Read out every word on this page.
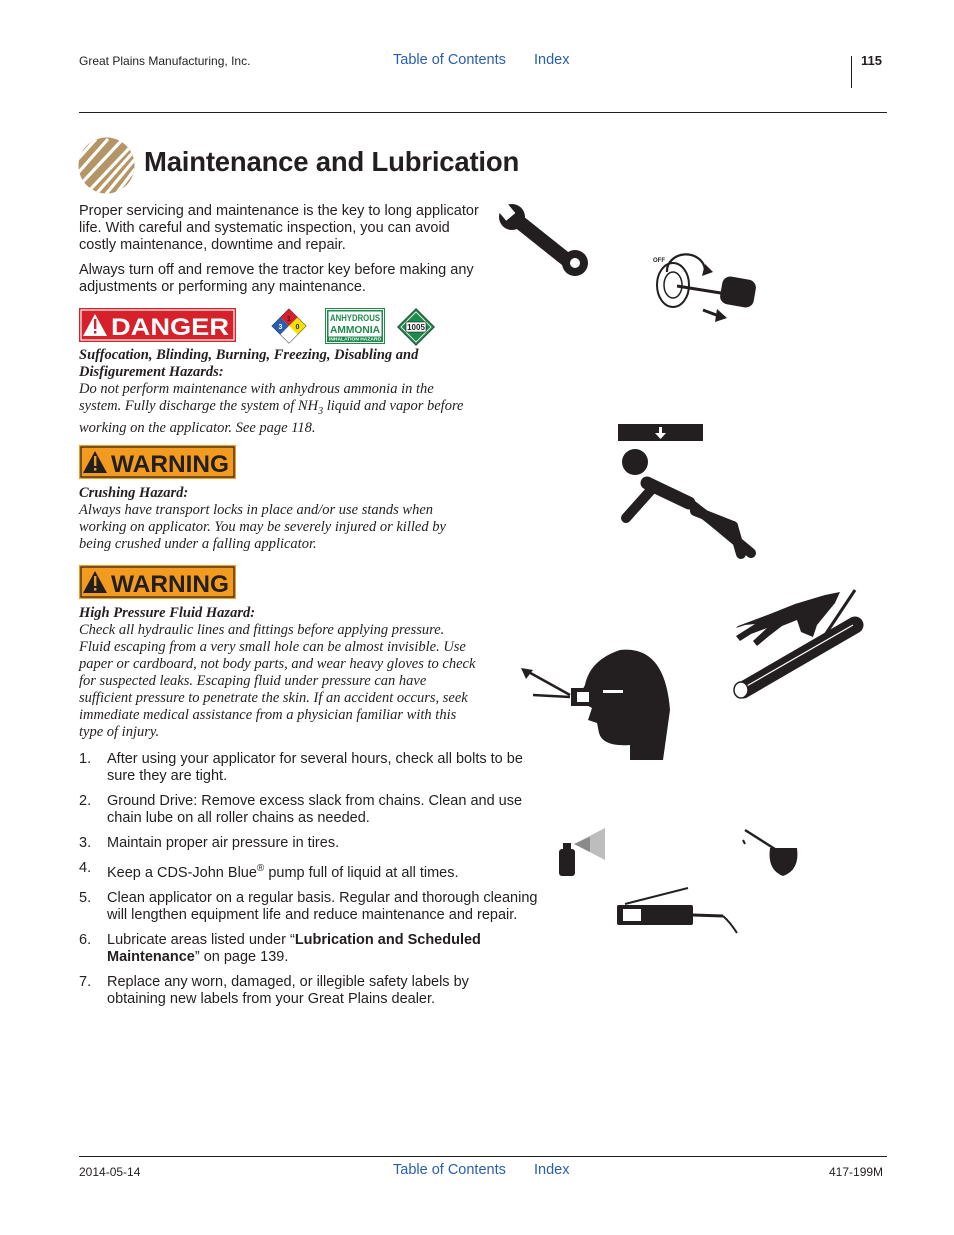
Great Plains Manufacturing, Inc.	Table of Contents Index	115
Maintenance and Lubrication
Proper servicing and maintenance is the key to long applicator life. With careful and systematic inspection, you can avoid costly maintenance, downtime and repair.
Always turn off and remove the tractor key before making any adjustments or performing any maintenance.
DANGER	1
3 0
ANHYDROUS
AMMONIA
INHALATION HAZARD
1005
Suffocation, Blinding, Burning, Freezing, Disabling and Disfigurement Hazards:
Do not perform maintenance with anhydrous ammonia in the system. Fully discharge the system of $NH_3$ liquid and vapor before working on the applicator. See page 118.
WARNING
Crushing Hazard:
Always have transport locks in place and/or use stands when working on applicator. You may be severely injured or killed by being crushed under a falling applicator.
WARNING
High Pressure Fluid Hazard:
Check all hydraulic lines and fittings before applying pressure. Fluid escaping from a very small hole can be almost invisible. Use paper or cardboard, not body parts, and wear heavy gloves to check for suspected leaks. Escaping fluid under pressure can have sufficient pressure to penetrate the skin. If an accident occurs, seek immediate medical assistance from a physician familiar with this type of injury.
1. After using your applicator for several hours, check all bolts to be sure they are tight.
2. Ground Drive: Remove excess slack from chains. Clean and use chain lube on all roller chains as needed.
3. Maintain proper air pressure in tires.
4. Keep a CDS-John Blue® pump full of liquid at all times.
5. Clean applicator on a regular basis. Regular and thorough cleaning will lengthen equipment life and reduce maintenance and repair.
6. Lubricate areas listed under “Lubrication and Scheduled Maintenance” on page 139.
7. Replace any worn, damaged, or illegible safety labels by obtaining new labels from your Great Plains dealer.
OFF
2014-05-14	Table of Contents Index	417-199M
